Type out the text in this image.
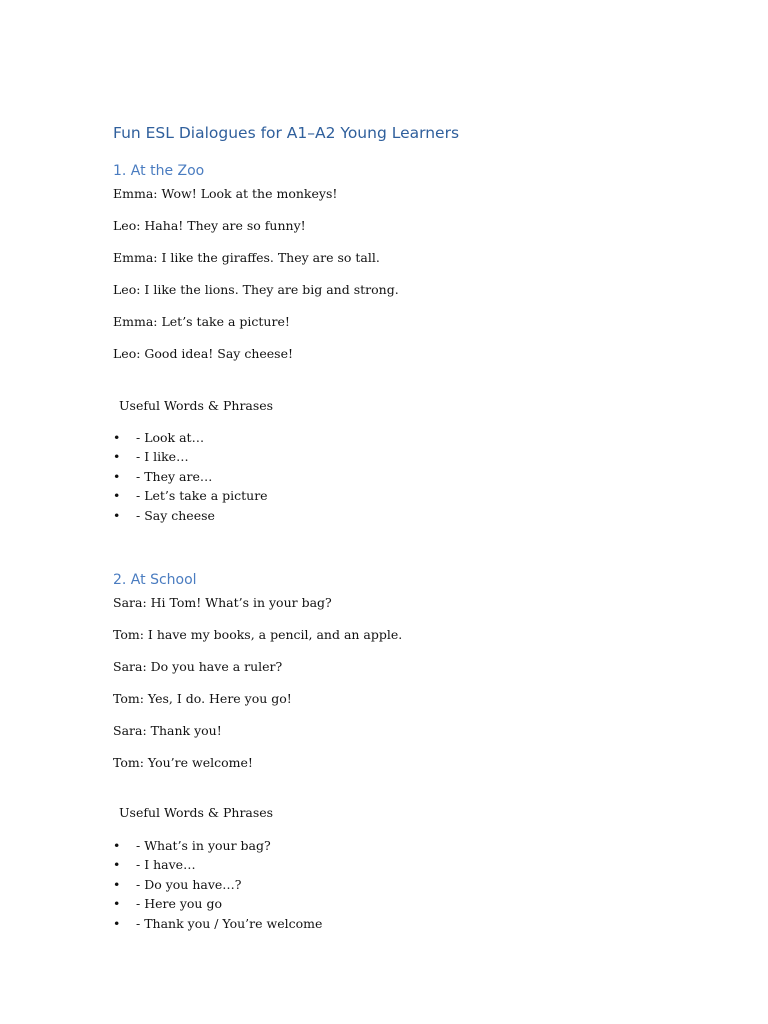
Fun ESL Dialogues for A1–A2 Young Learners
1. At the Zoo

Emma: Wow! Look at the monkeys!

Leo: Haha! They are so funny!

Emma: I like the giraffes. They are so tall.

Leo: I like the lions. They are big and strong.

Emma: Let’s take a picture!

Leo: Good idea! Say cheese!

Useful Words & Phrases

• - Look at…
• - I like…
• - They are…
• - Let’s take a picture
• - Say cheese
2. At School

Sara: Hi Tom! What’s in your bag?

Tom: I have my books, a pencil, and an apple.

Sara: Do you have a ruler?

Tom: Yes, I do. Here you go!

Sara: Thank you!

Tom: You’re welcome!

Useful Words & Phrases

• - What’s in your bag?
• - I have…
• - Do you have…?
• - Here you go
• - Thank you / You’re welcome
